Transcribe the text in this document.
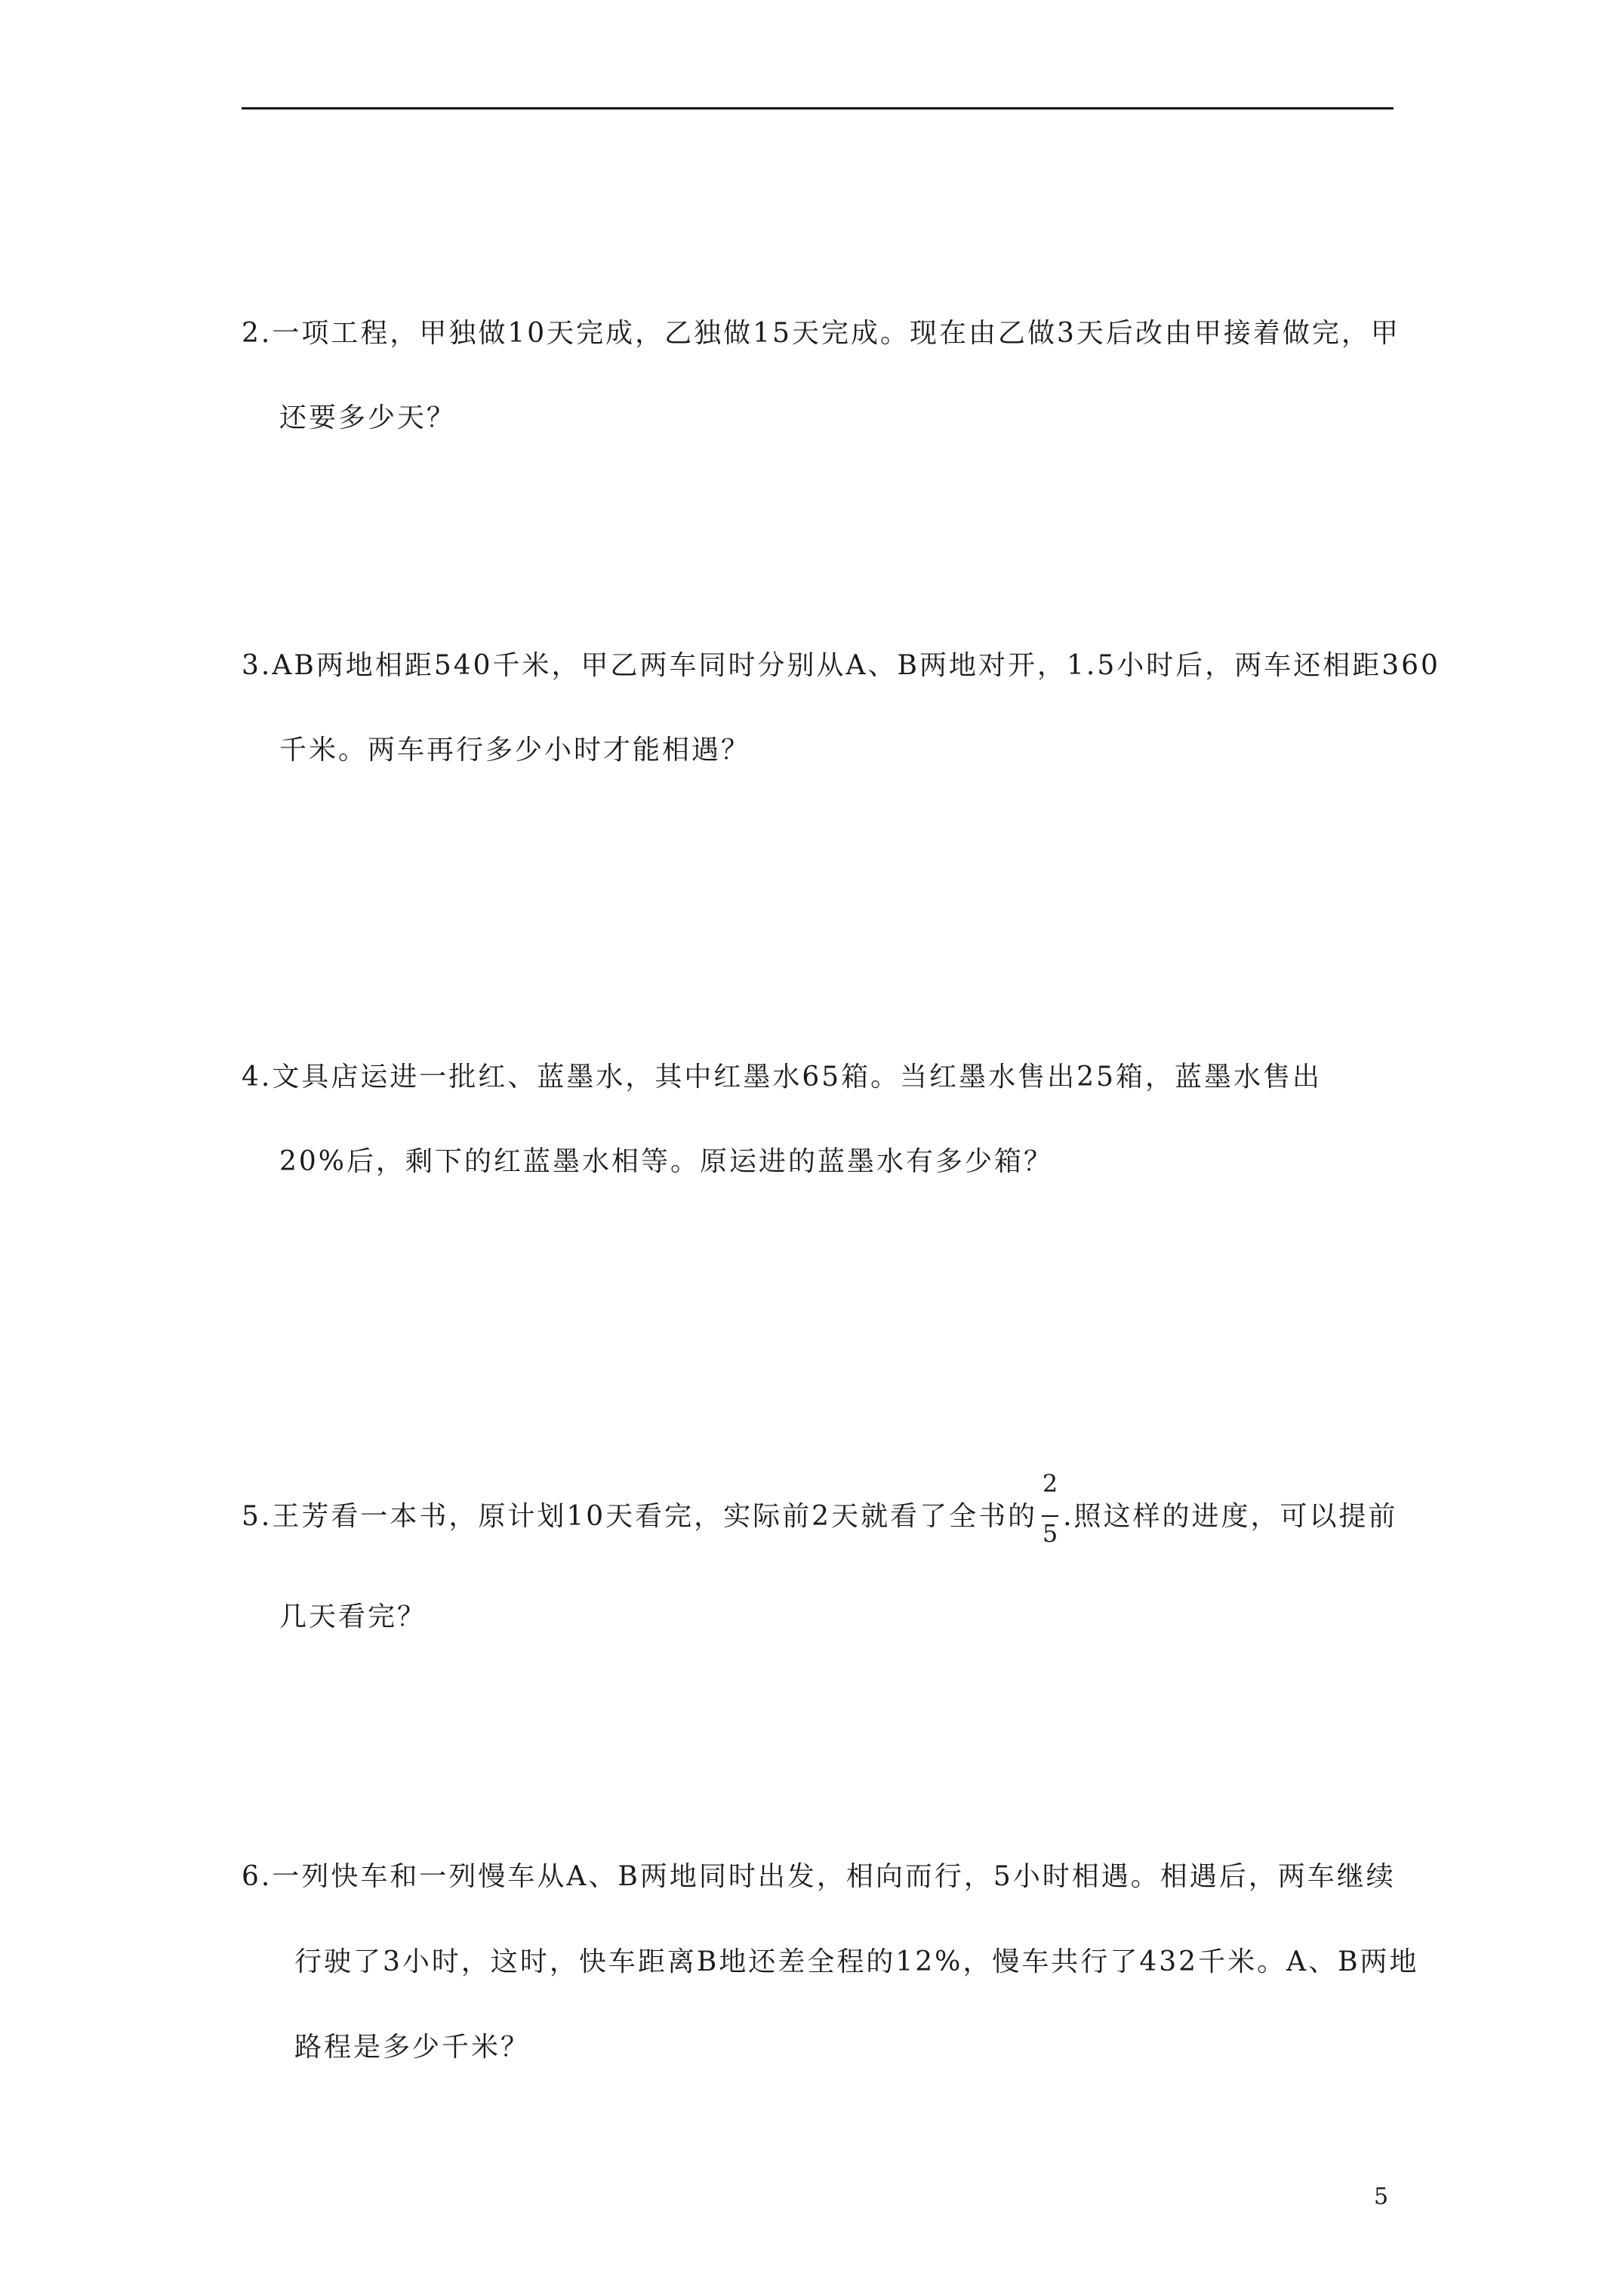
2.一项工程，甲独做10天完成，乙独做15天完成。现在由乙做3天后改由甲接着做完，甲
还要多少天？
3.AB两地相距540千米，甲乙两车同时分别从A、B两地对开，1.5小时后，两车还相距360
千米。两车再行多少小时才能相遇？
4.文具店运进一批红、蓝墨水，其中红墨水65箱。当红墨水售出25箱，蓝墨水售出
20%后，剩下的红蓝墨水相等。原运进的蓝墨水有多少箱？
5.王芳看一本书，原计划10天看完，实际前2天就看了全书的 $\frac{2}{5}$ .照这样的进度，可以提前
几天看完？
6.一列快车和一列慢车从A、B两地同时出发，相向而行，5小时相遇。相遇后，两车继续
行驶了3小时，这时，快车距离B地还差全程的12%，慢车共行了432千米。A、B两地
路程是多少千米？
5
